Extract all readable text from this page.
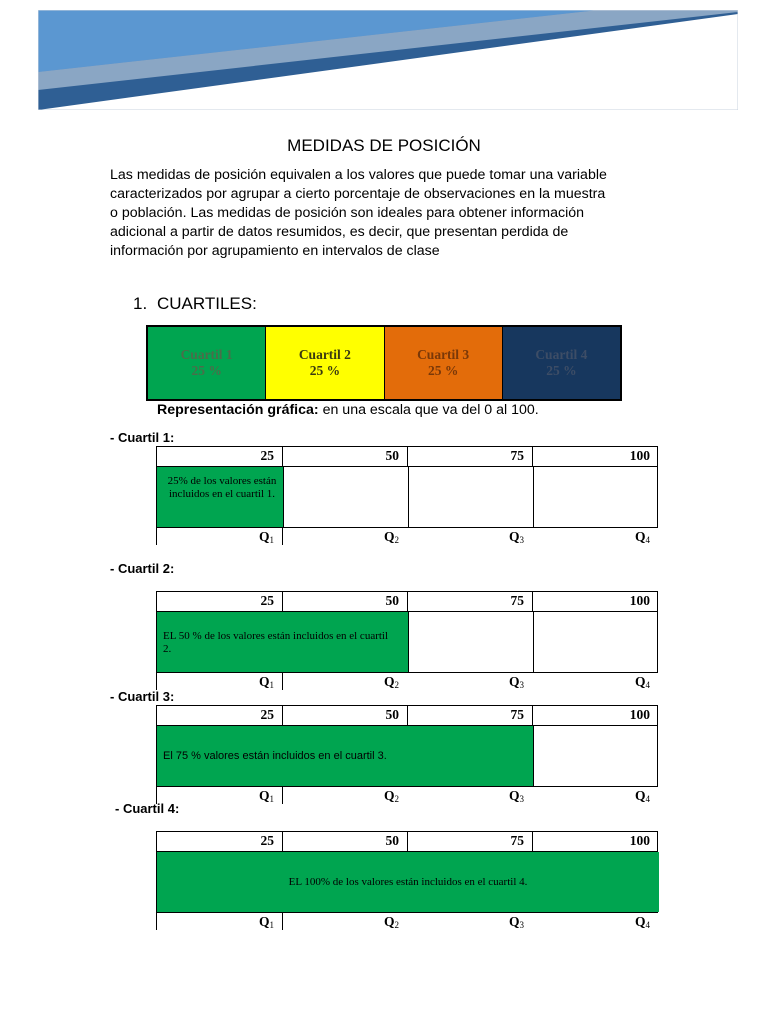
MEDIDAS DE POSICIÓN
Las medidas de posición equivalen a los valores que puede tomar una variable
caracterizados por agrupar a cierto porcentaje de observaciones en la muestra
o población. Las medidas de posición son ideales para obtener información
adicional a partir de datos resumidos, es decir, que presentan perdida de
información por agrupamiento en intervalos de clase
1. CUARTILES:
Cuartil 1
25 %
Cuartil 2
25 %
Cuartil 3
25 %
Cuartil 4
25 %
Representación gráfica: en una escala que va del 0 al 100.
- Cuartil 1:
25	50	75	100
25% de los valores están incluidos en el cuartil 1.
$Q_1$	$Q_2$	$Q_3$	$Q_4$
- Cuartil 2:
25	50	75	100
EL 50 % de los valores están incluidos en el cuartil 2.
$Q_1$	$Q_2$	$Q_3$	$Q_4$
- Cuartil 3:
25	50	75	100
El 75 % valores están incluidos en el cuartil 3.
$Q_1$	$Q_2$	$Q_3$	$Q_4$
- Cuartil 4:
25	50	75	100
EL 100% de los valores están incluidos en el cuartil 4.
$Q_1$	$Q_2$	$Q_3$	$Q_4$
